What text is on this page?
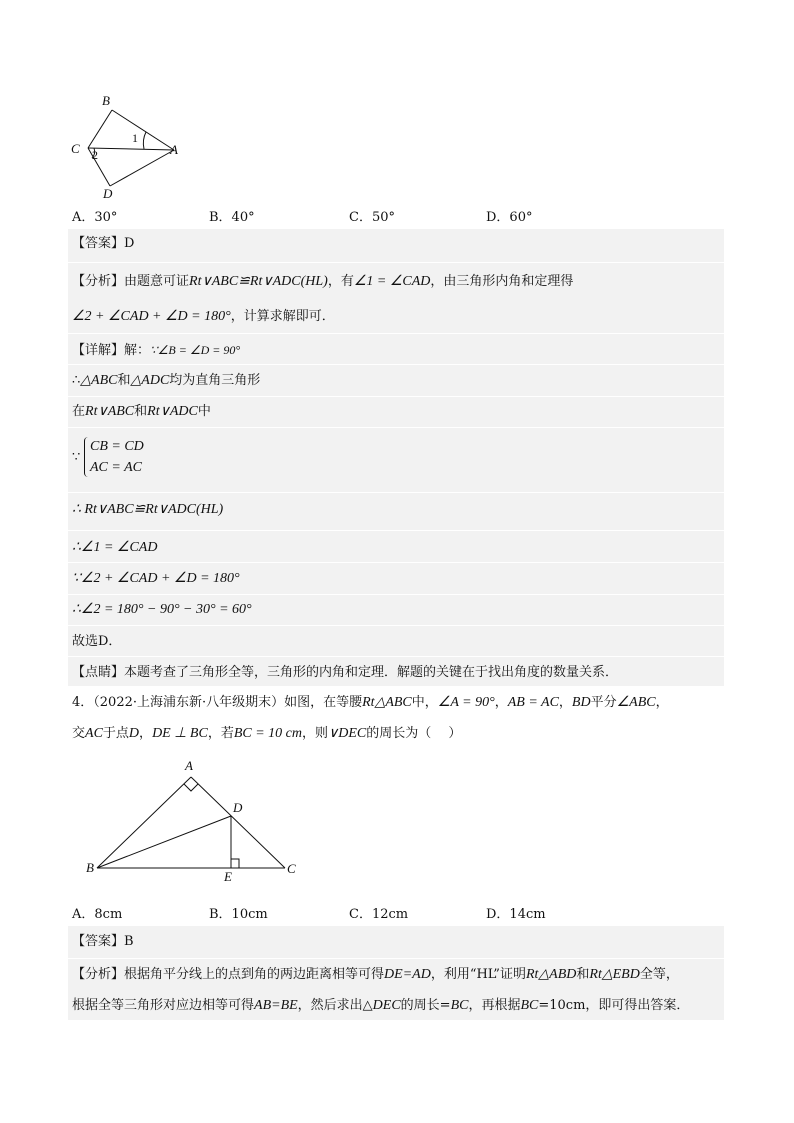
B
C
D
A
1
2
A．30°	B．40°	C．50°	D．60°
【答案】D
【分析】由题意可证Rt∨ABC≌Rt∨ADC(HL)，有∠1 = ∠CAD，由三角形内角和定理得
∠2 + ∠CAD + ∠D = 180°，计算求解即可．
【详解】解：∵∠B = ∠D = 90°
∴△ABC和△ADC均为直角三角形
在Rt∨ABC和Rt∨ADC中
∵
CB = CD
AC = AC
∴ Rt∨ABC≌Rt∨ADC(HL)
∴∠1 = ∠CAD
∵∠2 + ∠CAD + ∠D = 180°
∴∠2 = 180° − 90° − 30° = 60°
故选D．
【点睛】本题考查了三角形全等，三角形的内角和定理．解题的关键在于找出角度的数量关系．
4．（2022·上海浦东新·八年级期末）如图，在等腰Rt△ABC中，∠A = 90°，AB = AC，BD平分∠ABC，
交AC于点D，DE ⊥ BC，若BC = 10 cm，则∨DEC的周长为（　 ）
A
D
B
E
C
A．8cm	B．10cm	C．12cm	D．14cm
【答案】B
【分析】根据角平分线上的点到角的两边距离相等可得DE=AD，利用“HL”证明Rt△ABD和Rt△EBD全等，
根据全等三角形对应边相等可得AB=BE，然后求出△DEC的周长=BC，再根据BC=10cm，即可得出答案．
